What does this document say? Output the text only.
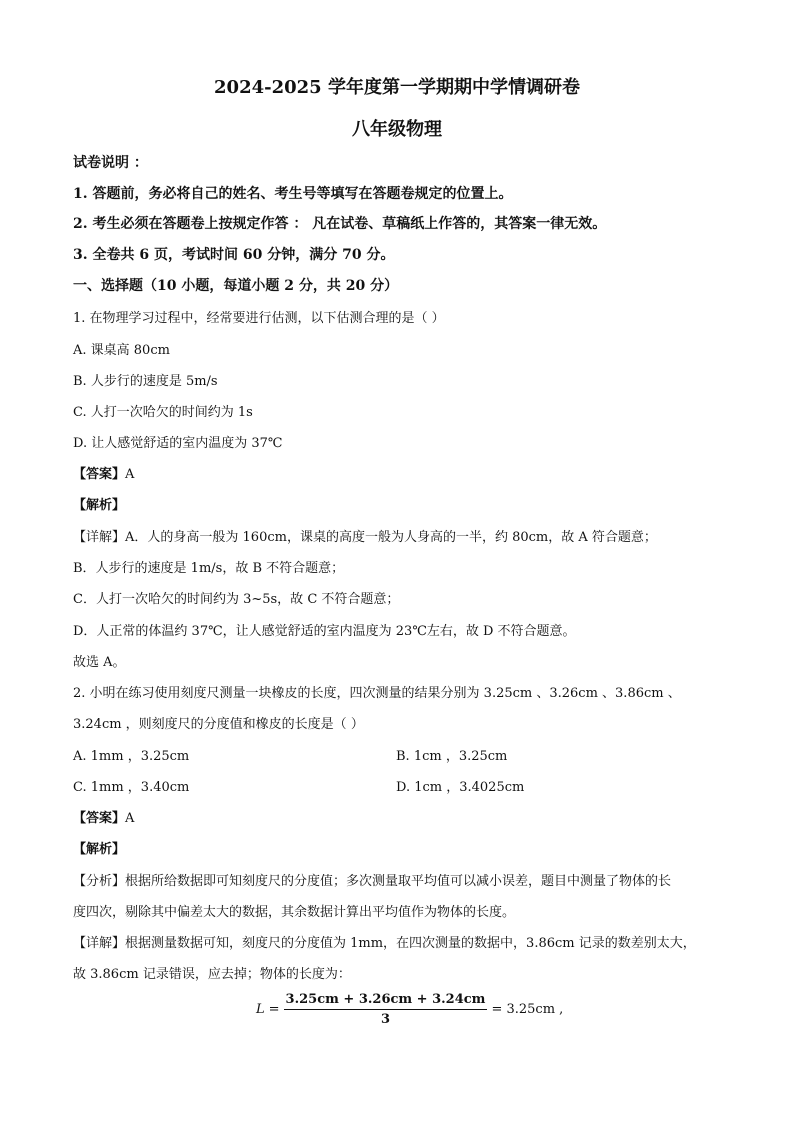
2024-2025 学年度第一学期期中学情调研卷
八年级物理
试卷说明 ：
1. 答题前，务必将自己的姓名、考生号等填写在答题卷规定的位置上。
2. 考生必须在答题卷上按规定作答 ： 凡在试卷、草稿纸上作答的，其答案一律无效。
3. 全卷共 6 页，考试时间 60 分钟，满分 70 分。
一、选择题（10 小题，每道小题 2 分，共 20 分）
1. 在物理学习过程中，经常要进行估测，以下估测合理的是（ ）
A. 课桌高 80cm
B. 人步行的速度是 5m/s
C. 人打一次哈欠的时间约为 1s
D. 让人感觉舒适的室内温度为 37℃
【答案】A
【解析】
【详解】A．人的身高一般为 160cm，课桌的高度一般为人身高的一半，约 80cm，故 A 符合题意；
B．人步行的速度是 1m/s，故 B 不符合题意；
C．人打一次哈欠的时间约为 3~5s，故 C 不符合题意；
D．人正常的体温约 37℃，让人感觉舒适的室内温度为 23℃左右，故 D 不符合题意。
故选 A。
2. 小明在练习使用刻度尺测量一块橡皮的长度，四次测量的结果分别为 3.25cm 、3.26cm 、3.86cm 、
3.24cm ，则刻度尺的分度值和橡皮的长度是（ ）
A. 1mm ，3.25cm	B. 1cm ，3.25cm
C. 1mm ，3.40cm	D. 1cm ，3.4025cm
【答案】A
【解析】
【分析】根据所给数据即可知刻度尺的分度值；多次测量取平均值可以减小误差，题目中测量了物体的长
度四次，剔除其中偏差太大的数据，其余数据计算出平均值作为物体的长度。
【详解】根据测量数据可知，刻度尺的分度值为 1mm，在四次测量的数据中，3.86cm 记录的数差别太大，
故 3.86cm 记录错误，应去掉；物体的长度为：
$L = \frac{3.25cm + 3.26cm + 3.24cm}{3} = 3.25cm$ ,
